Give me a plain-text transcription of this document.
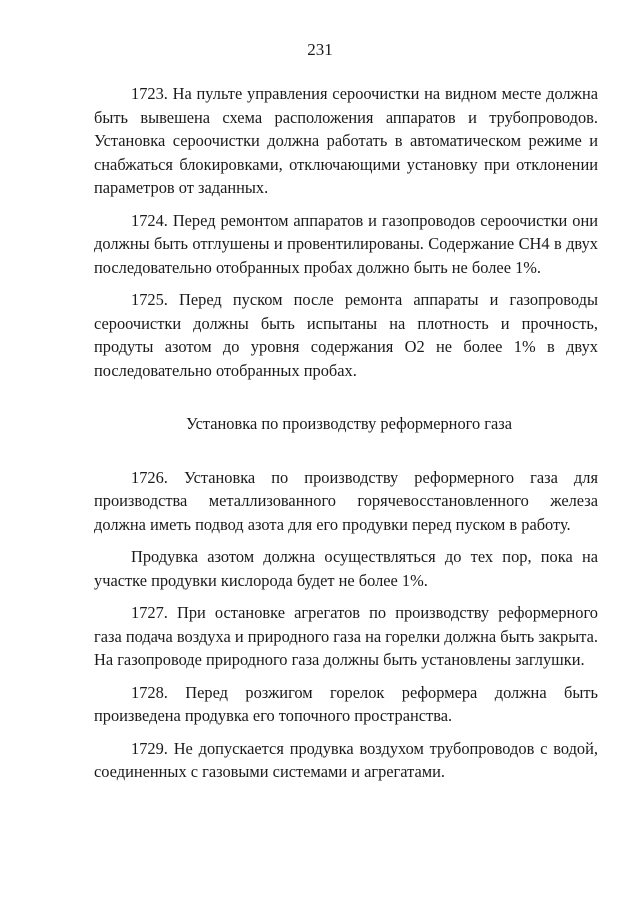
231

1723. На пульте управления сероочистки на видном месте должна быть вывешена схема расположения аппаратов и трубопроводов. Установка сероочистки должна работать в автоматическом режиме и снабжаться блокировками, отключающими установку при отклонении параметров от заданных.

1724. Перед ремонтом аппаратов и газопроводов сероочистки они должны быть отглушены и провентилированы. Содержание CH4 в двух последовательно отобранных пробах должно быть не более 1%.

1725. Перед пуском после ремонта аппараты и газопроводы сероочистки должны быть испытаны на плотность и прочность, продуты азотом до уровня содержания O2 не более 1% в двух последовательно отобранных пробах.

Установка по производству реформерного газа

1726. Установка по производству реформерного газа для производства металлизованного горячевосстановленного железа должна иметь подвод азота для его продувки перед пуском в работу.

Продувка азотом должна осуществляться до тех пор, пока на участке продувки кислорода будет не более 1%.

1727. При остановке агрегатов по производству реформерного газа подача воздуха и природного газа на горелки должна быть закрыта. На газопроводе природного газа должны быть установлены заглушки.

1728. Перед розжигом горелок реформера должна быть произведена продувка его топочного пространства.

1729. Не допускается продувка воздухом трубопроводов с водой, соединенных с газовыми системами и агрегатами.
